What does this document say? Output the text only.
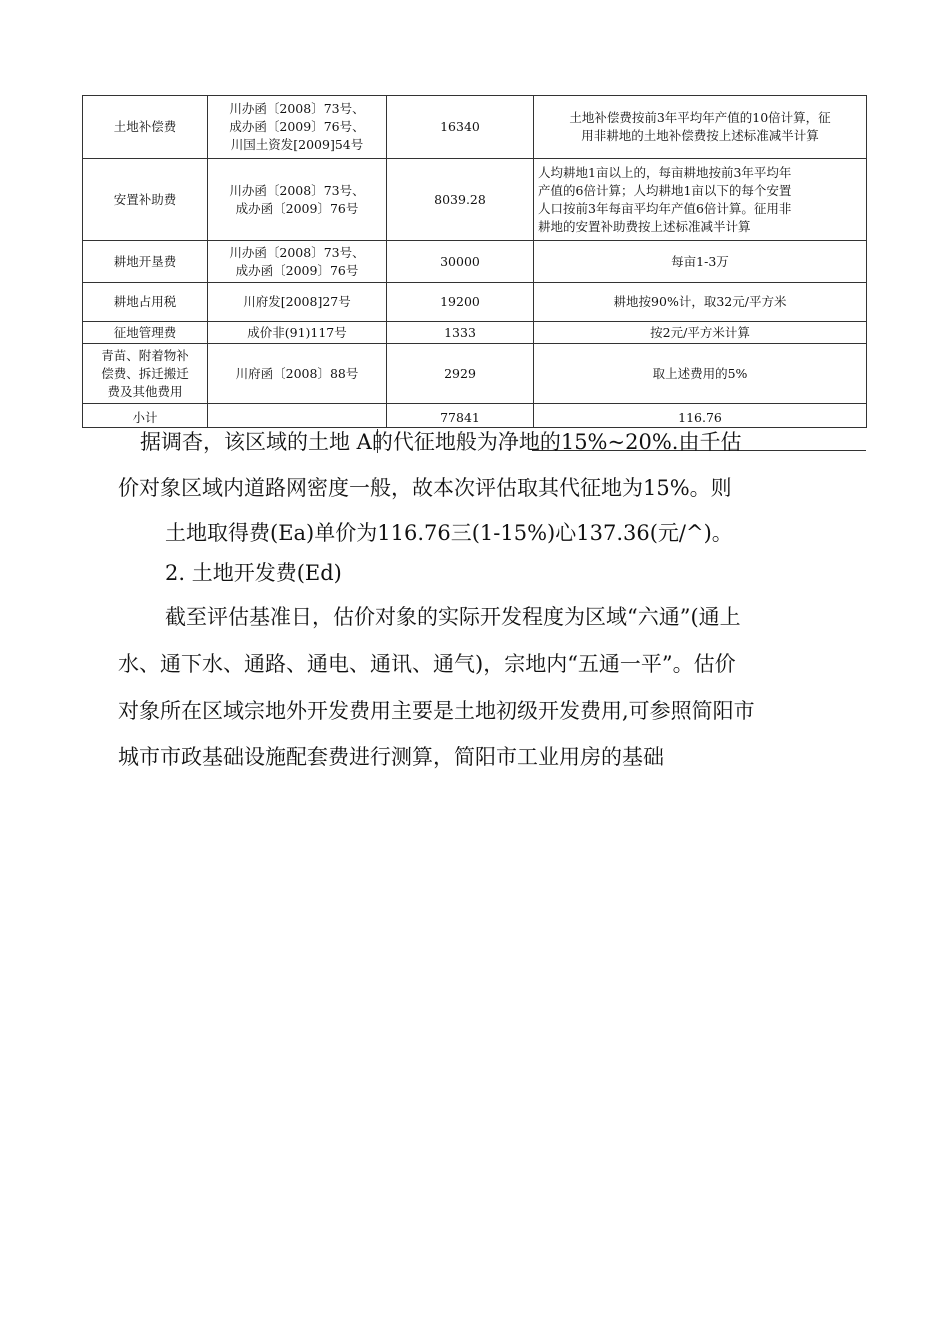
土地补偿费	川办函〔2008〕73号、
成办函〔2009〕76号、
川国土资发[2009]54号	16340	土地补偿费按前3年平均年产值的10倍计算，征
用非耕地的土地补偿费按上述标准减半计算

安置补助费	川办函〔2008〕73号、
成办函〔2009〕76号	8039.28	人均耕地1亩以上的，每亩耕地按前3年平均年
产值的6倍计算；人均耕地1亩以下的每个安置
人口按前3年每亩平均年产值6倍计算。征用非
耕地的安置补助费按上述标准减半计算

耕地开垦费	川办函〔2008〕73号、
成办函〔2009〕76号	30000	每亩1-3万

耕地占用税	川府发[2008]27号	19200	耕地按90%计，取32元/平方米

征地管理费	成价非(91)117号	1333	按2元/平方米计算

青苗、附着物补
偿费、拆迁搬迁
费及其他费用	川府函〔2008〕88号	2929	取上述费用的5%

小计		77841	116.76
据调杳，该区域的土地 A的代征地般为净地的15%~20%.由千估
价对象区域内道路网密度一般，故本次评估取其代征地为15%。则
土地取得费(Ea)单价为116.76三(1-15%)心137.36(元/^)。
2. 土地开发费(Ed)
截至评估基准日，估价对象的实际开发程度为区域“六通”(通上
水、通下水、通路、通电、通讯、通气)，宗地内“五通一平”。估价
对象所在区域宗地外开发费用主要是土地初级开发费用,可参照简阳市
城市市政基础设施配套费进行测算，简阳市工业用房的基础
